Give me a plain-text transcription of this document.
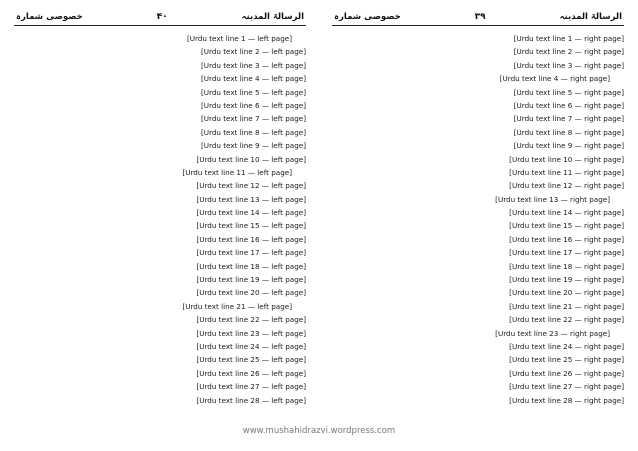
الرسالۃ المدینہ
۴۰
خصوصی شمارہ
[Urdu text line 1 — left page]
[Urdu text line 2 — left page]
[Urdu text line 3 — left page]
[Urdu text line 4 — left page]
[Urdu text line 5 — left page]
[Urdu text line 6 — left page]
[Urdu text line 7 — left page]
[Urdu text line 8 — left page]
[Urdu text line 9 — left page]
[Urdu text line 10 — left page]
[Urdu text line 11 — left page]
[Urdu text line 12 — left page]
[Urdu text line 13 — left page]
[Urdu text line 14 — left page]
[Urdu text line 15 — left page]
[Urdu text line 16 — left page]
[Urdu text line 17 — left page]
[Urdu text line 18 — left page]
[Urdu text line 19 — left page]
[Urdu text line 20 — left page]
[Urdu text line 21 — left page]
[Urdu text line 22 — left page]
[Urdu text line 23 — left page]
[Urdu text line 24 — left page]
[Urdu text line 25 — left page]
[Urdu text line 26 — left page]
[Urdu text line 27 — left page]
[Urdu text line 28 — left page]
الرسالۃ المدینہ
۳۹
خصوصی شمارہ
[Urdu text line 1 — right page]
[Urdu text line 2 — right page]
[Urdu text line 3 — right page]
[Urdu text line 4 — right page]
[Urdu text line 5 — right page]
[Urdu text line 6 — right page]
[Urdu text line 7 — right page]
[Urdu text line 8 — right page]
[Urdu text line 9 — right page]
[Urdu text line 10 — right page]
[Urdu text line 11 — right page]
[Urdu text line 12 — right page]
[Urdu text line 13 — right page]
[Urdu text line 14 — right page]
[Urdu text line 15 — right page]
[Urdu text line 16 — right page]
[Urdu text line 17 — right page]
[Urdu text line 18 — right page]
[Urdu text line 19 — right page]
[Urdu text line 20 — right page]
[Urdu text line 21 — right page]
[Urdu text line 22 — right page]
[Urdu text line 23 — right page]
[Urdu text line 24 — right page]
[Urdu text line 25 — right page]
[Urdu text line 26 — right page]
[Urdu text line 27 — right page]
[Urdu text line 28 — right page]
www.mushahidrazvi.wordpress.com
